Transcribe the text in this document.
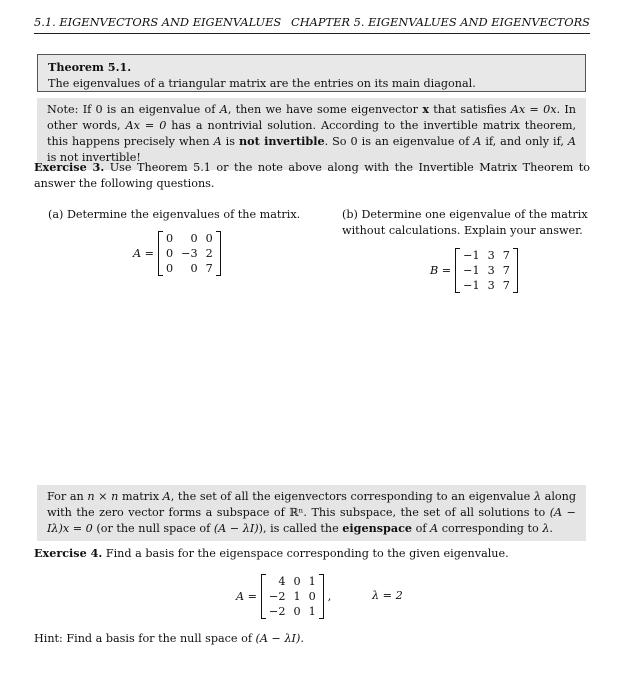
5.1. EIGENVECTORS AND EIGENVALUES CHAPTER 5. EIGENVALUES AND EIGENVECTORS
Theorem 5.1.
The eigenvalues of a triangular matrix are the entries on its main diagonal.
Note: If 0 is an eigenvalue of A, then we have some eigenvector x that satisfies Ax = 0x. In other words, Ax = 0 has a nontrivial solution. According to the invertible matrix theorem, this happens precisely when A is not invertible. So 0 is an eigenvalue of A if, and only if, A is not invertible!
Exercise 3. Use Theorem 5.1 or the note above along with the Invertible Matrix Theorem to answer the following questions.
(a) Determine the eigenvalues of the matrix.	(b) Determine one eigenvalue of the matrix without calculations. Explain your answer.
A =
0	0	0
0	−3	2
0	0	7	B =
−1	3	7
−1	3	7
−1	3	7
For an n × n matrix A, the set of all the eigenvectors corresponding to an eigenvalue λ along with the zero vector forms a subspace of ℝⁿ. This subspace, the set of all solutions to (A − Iλ)x = 0 (or the null space of (A − λI)), is called the eigenspace of A corresponding to λ.
Exercise 4. Find a basis for the eigenspace corresponding to the given eigenvalue.
A =
4	0	1
−2	1	0
−2	0	1
,	λ = 2
Hint: Find a basis for the null space of (A − λI).
